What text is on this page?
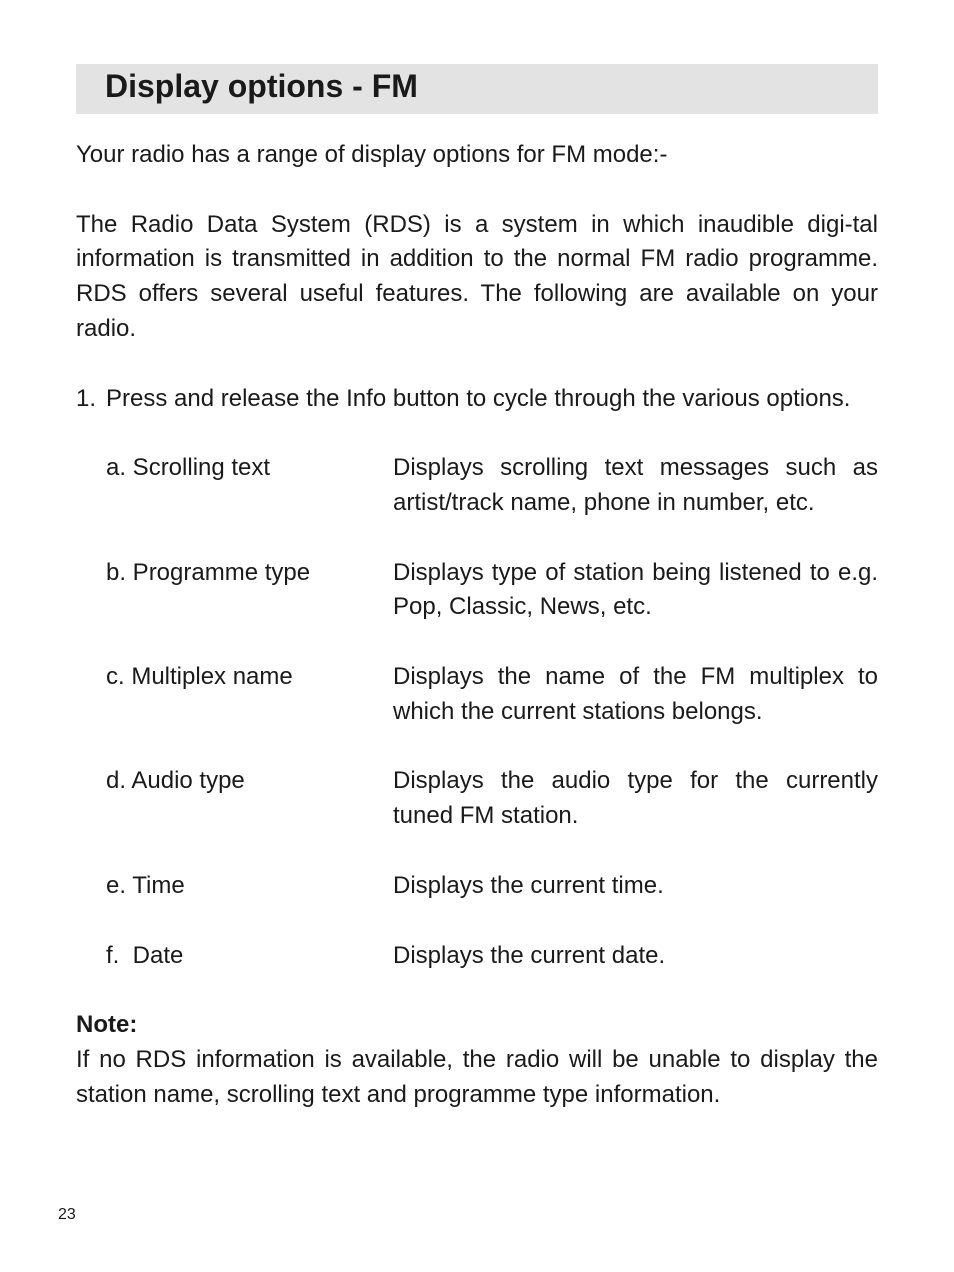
Display options - FM

Your radio has a range of display options for FM mode:-

The Radio Data System (RDS) is a system in which inaudible digi-tal information is transmitted in addition to the normal FM radio programme. RDS offers several useful features. The following are available on your radio.

1. Press and release the Info button to cycle through the various options.
a. Scrolling text	Displays scrolling text messages such as artist/track name, phone in number, etc.
b. Programme type	Displays type of station being listened to e.g. Pop, Classic, News, etc.
c. Multiplex name	Displays the name of the FM multiplex to which the current stations belongs.
d. Audio type	Displays the audio type for the currently tuned FM station.
e. Time	Displays the current time.
f.  Date	Displays the current date.

Note:

If no RDS information is available, the radio will be unable to display the station name, scrolling text and programme type information.

23
